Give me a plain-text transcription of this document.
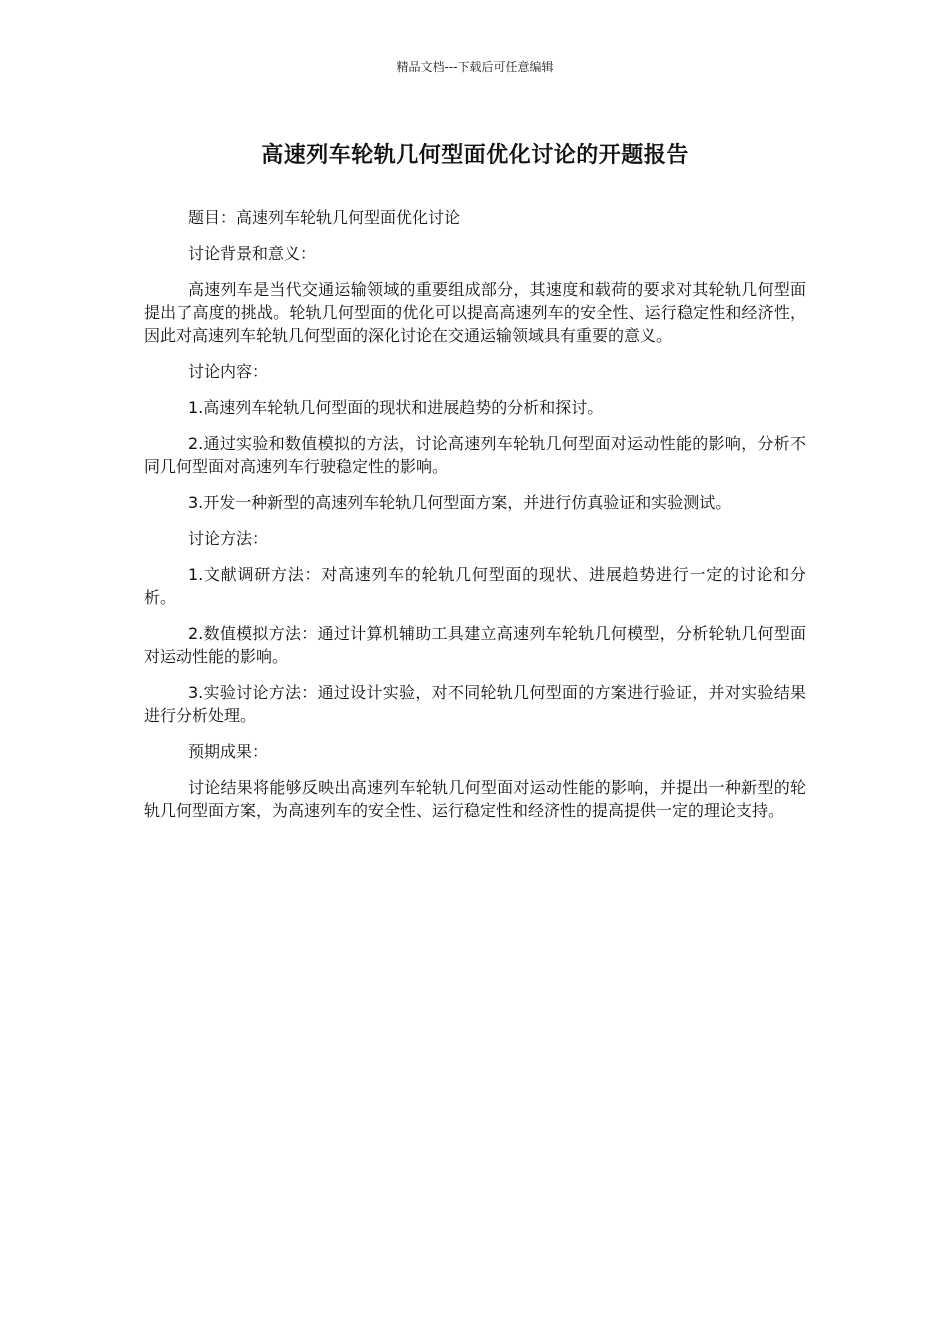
精品文档---下载后可任意编辑
高速列车轮轨几何型面优化讨论的开题报告

题目：高速列车轮轨几何型面优化讨论

讨论背景和意义：

高速列车是当代交通运输领域的重要组成部分，其速度和载荷的要求对其轮轨几何型面提出了高度的挑战。轮轨几何型面的优化可以提高高速列车的安全性、运行稳定性和经济性，因此对高速列车轮轨几何型面的深化讨论在交通运输领域具有重要的意义。

讨论内容：

1.高速列车轮轨几何型面的现状和进展趋势的分析和探讨。

2.通过实验和数值模拟的方法，讨论高速列车轮轨几何型面对运动性能的影响，分析不同几何型面对高速列车行驶稳定性的影响。

3.开发一种新型的高速列车轮轨几何型面方案，并进行仿真验证和实验测试。

讨论方法：

1.文献调研方法：对高速列车的轮轨几何型面的现状、进展趋势进行一定的讨论和分析。

2.数值模拟方法：通过计算机辅助工具建立高速列车轮轨几何模型，分析轮轨几何型面对运动性能的影响。

3.实验讨论方法：通过设计实验，对不同轮轨几何型面的方案进行验证，并对实验结果进行分析处理。

预期成果：

讨论结果将能够反映出高速列车轮轨几何型面对运动性能的影响，并提出一种新型的轮轨几何型面方案，为高速列车的安全性、运行稳定性和经济性的提高提供一定的理论支持。
